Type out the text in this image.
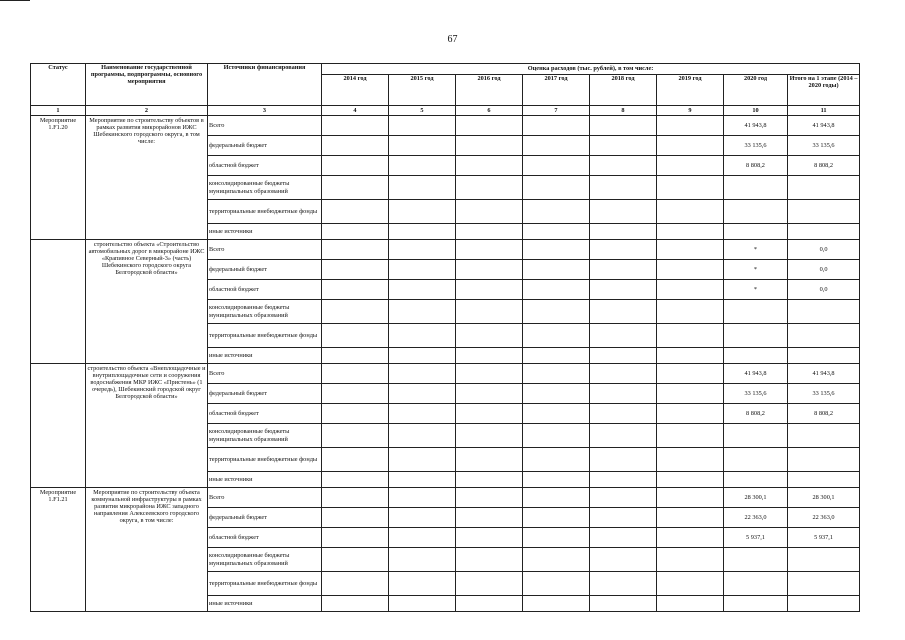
67
Статус	Наименование государственной программы, подпрограммы, основного мероприятия	Источники финансирования	Оценка расходов (тыс. рублей), в том числе:							
			2014 год	2015 год	2016 год	2017 год	2018 год	2019 год	2020 год	Итого на 1 этапе (2014 – 2020 годы)
1	2	3	4	5	6	7	8	9	10	11
Мероприятие 1.F1.20	Мероприятие по строительству объектов в рамках развития микрорайонов ИЖС Шебекинского городского округа, в том числе:	Всего							41 943,8	41 943,8
		федеральный бюджет							33 135,6	33 135,6
		областной бюджет							8 808,2	8 808,2
		консолидированные бюджеты муниципальных образований								
		территориальные внебюджетные фонды								
		иные источники								
	строительство объекта «Строительство автомобильных дорог в микрорайоне ИЖС «Крапивное Северный-3» (часть) Шебекинского городского округа Белгородской области»	Всего							*	0,0
		федеральный бюджет							*	0,0
		областной бюджет							*	0,0
		консолидированные бюджеты муниципальных образований								
		территориальные внебюджетные фонды								
		иные источники								
	строительство объекта «Внеплощадочные и внутриплощадочные сети и сооружения водоснабжения МКР ИЖС «Пристень» (1 очередь), Шебекинский городской округ Белгородской области»	Всего							41 943,8	41 943,8
		федеральный бюджет							33 135,6	33 135,6
		областной бюджет							8 808,2	8 808,2
		консолидированные бюджеты муниципальных образований								
		территориальные внебюджетные фонды								
		иные источники								
Мероприятие 1.F1.21	Мероприятие по строительству объекта коммунальной инфраструктуры в рамках развития микрорайона ИЖС западного направления Алексеевского городского округа, в том числе:	Всего							28 300,1	28 300,1
		федеральный бюджет							22 363,0	22 363,0
		областной бюджет							5 937,1	5 937,1
		консолидированные бюджеты муниципальных образований								
		территориальные внебюджетные фонды								
		иные источники								
